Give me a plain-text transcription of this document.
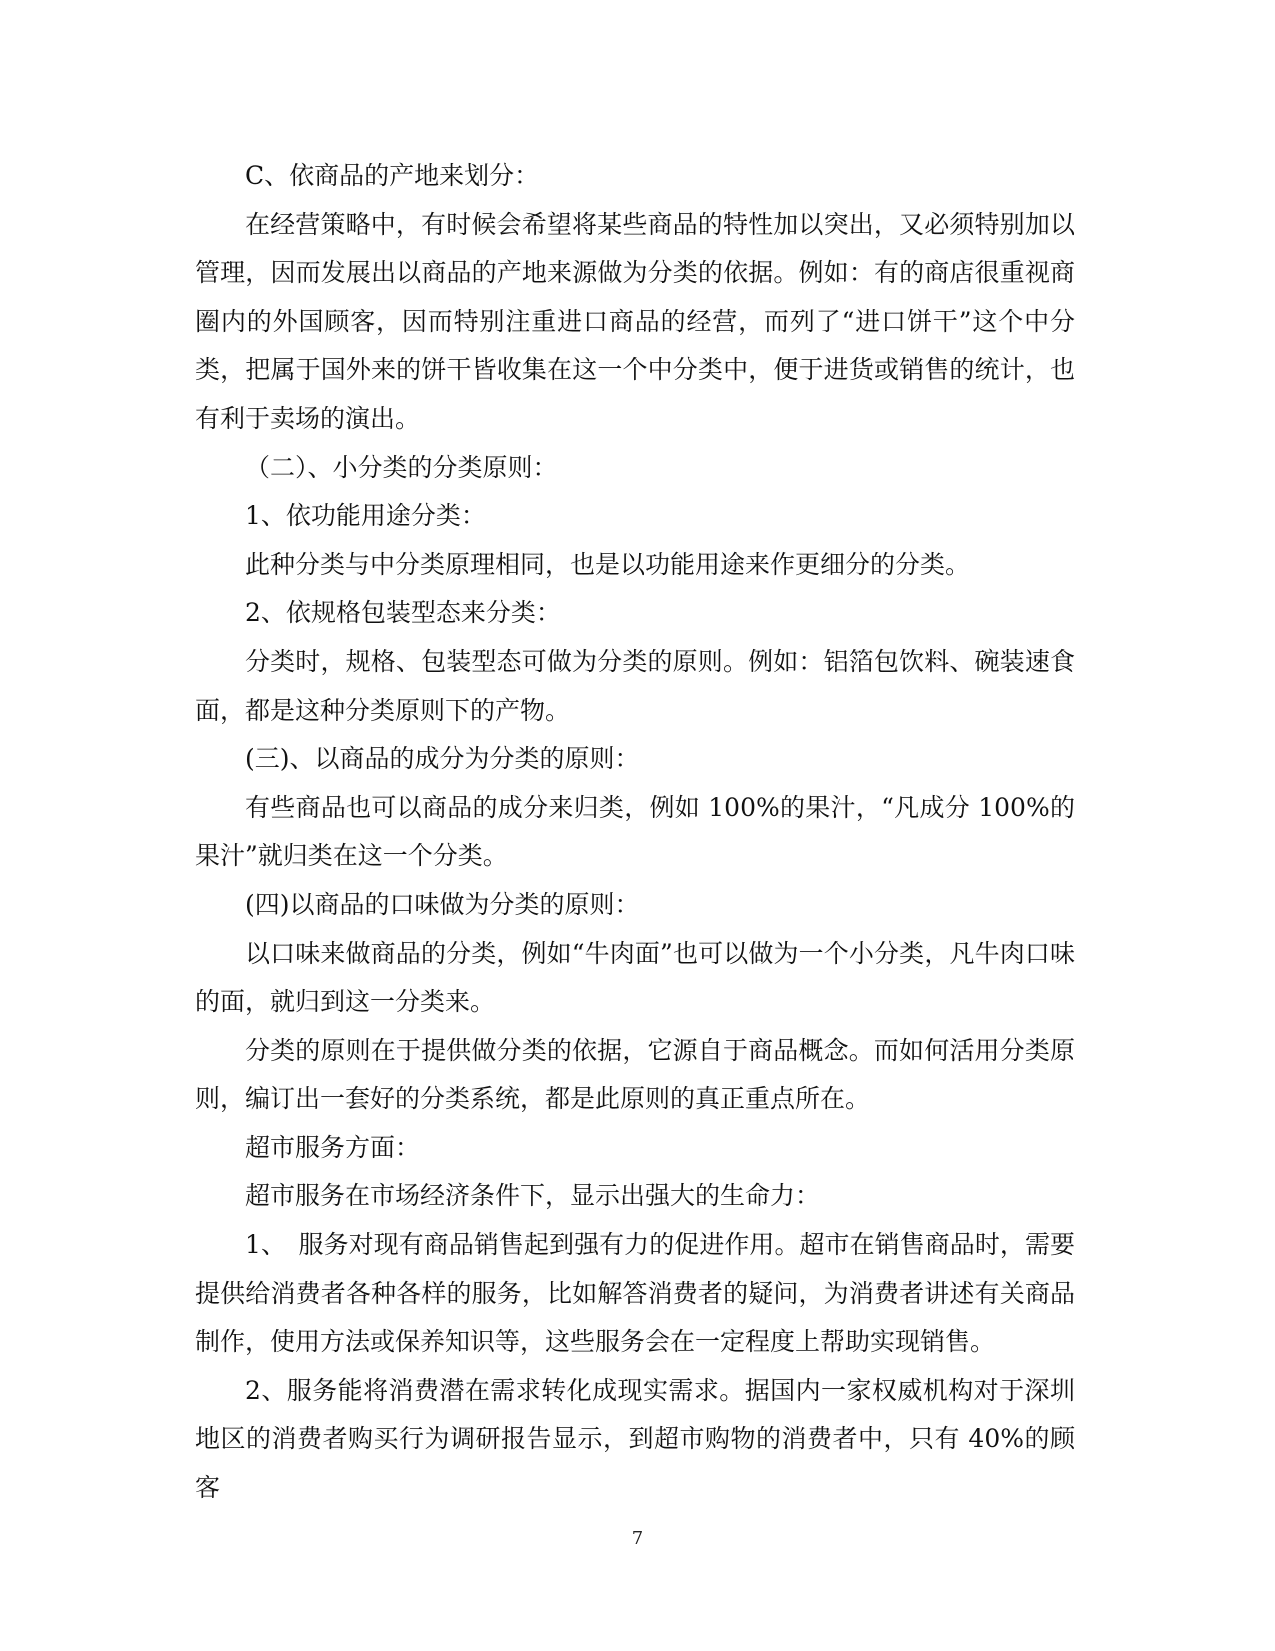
C、依商品的产地来划分：

在经营策略中，有时候会希望将某些商品的特性加以突出，又必须特别加以管理，因而发展出以商品的产地来源做为分类的依据。例如：有的商店很重视商圈内的外国顾客，因而特别注重进口商品的经营，而列了“进口饼干”这个中分类，把属于国外来的饼干皆收集在这一个中分类中，便于进货或销售的统计，也有利于卖场的演出。

（二）、小分类的分类原则：

1、依功能用途分类：

此种分类与中分类原理相同，也是以功能用途来作更细分的分类。

2、依规格包装型态来分类：

分类时，规格、包装型态可做为分类的原则。例如：铝箔包饮料、碗装速食面，都是这种分类原则下的产物。

(三)、以商品的成分为分类的原则：

有些商品也可以商品的成分来归类，例如 100%的果汁，“凡成分 100%的果汁”就归类在这一个分类。

(四)以商品的口味做为分类的原则：

以口味来做商品的分类，例如“牛肉面”也可以做为一个小分类，凡牛肉口味的面，就归到这一分类来。

分类的原则在于提供做分类的依据，它源自于商品概念。而如何活用分类原则，编订出一套好的分类系统，都是此原则的真正重点所在。

超市服务方面：

超市服务在市场经济条件下，显示出强大的生命力：

1、　服务对现有商品销售起到强有力的促进作用。超市在销售商品时，需要提供给消费者各种各样的服务，比如解答消费者的疑问，为消费者讲述有关商品制作，使用方法或保养知识等，这些服务会在一定程度上帮助实现销售。

2、服务能将消费潜在需求转化成现实需求。据国内一家权威机构对于深圳地区的消费者购买行为调研报告显示，到超市购物的消费者中，只有 40%的顾客

7
